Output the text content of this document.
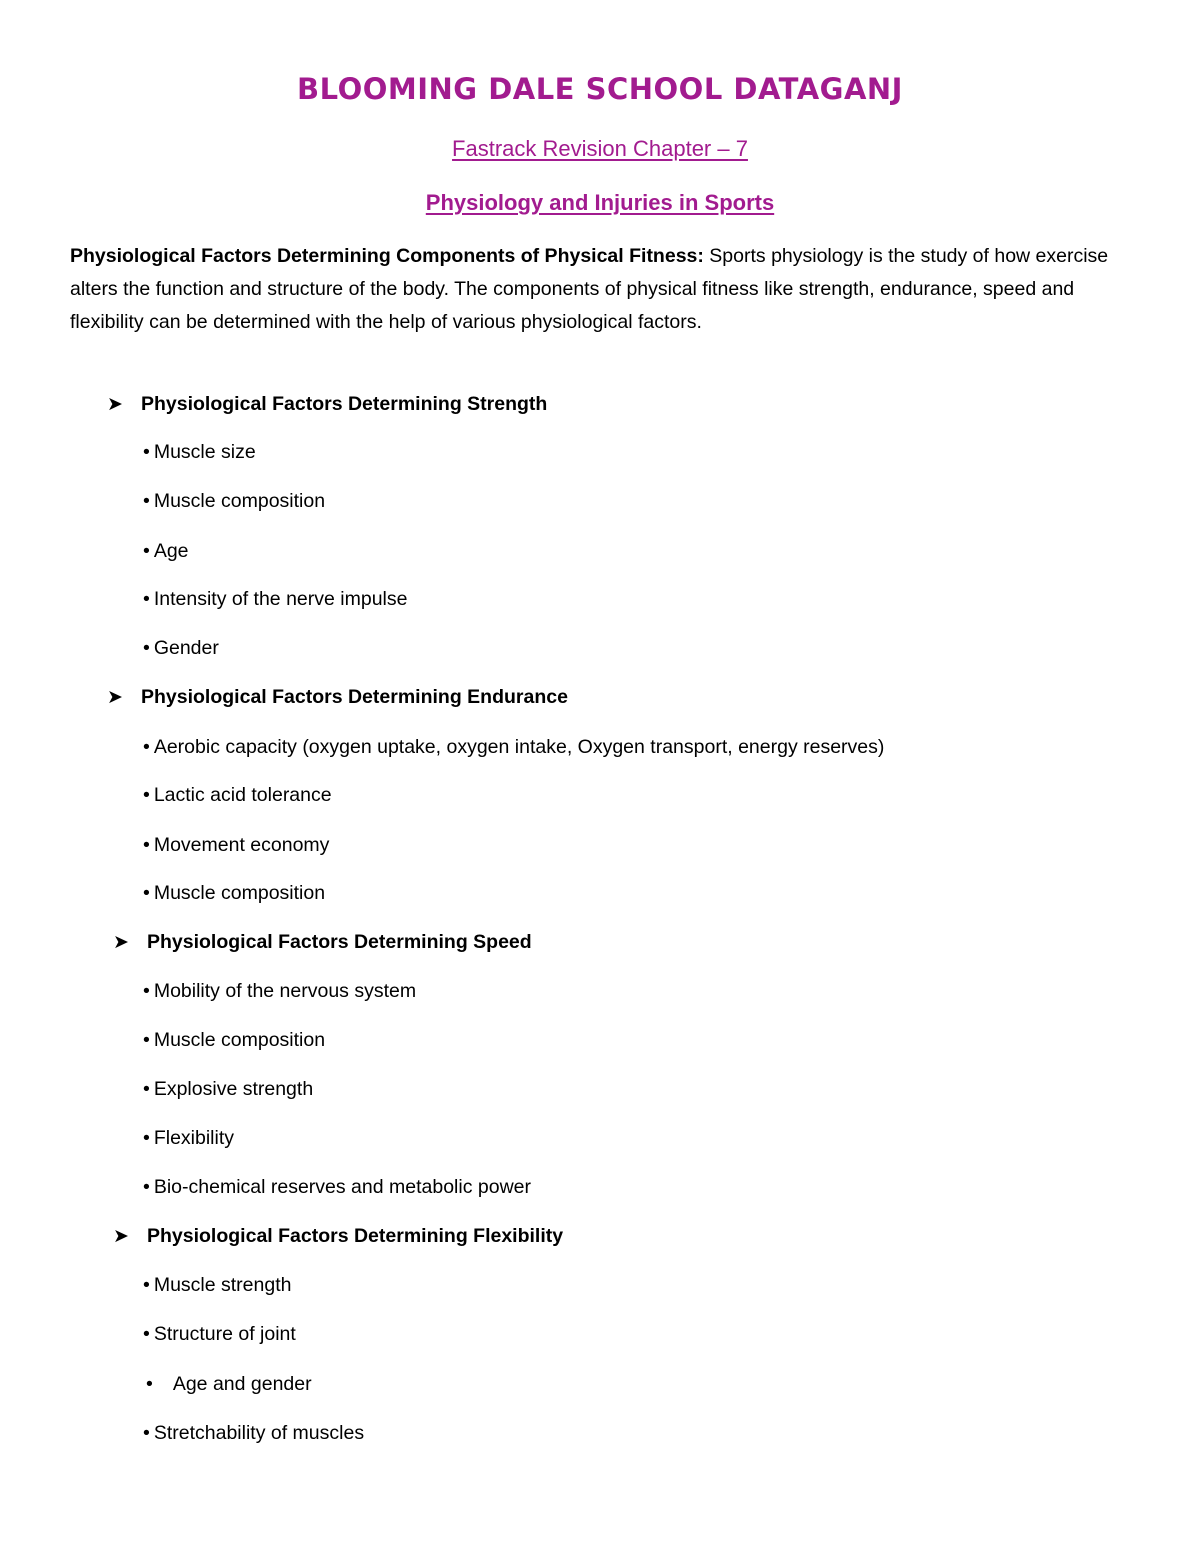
BLOOMING DALE SCHOOL DATAGANJ

Fastrack Revision Chapter – 7

Physiology and Injuries in Sports

Physiological Factors Determining Components of Physical Fitness: Sports physiology is the study of how exercise alters the function and structure of the body. The components of physical fitness like strength, endurance, speed and flexibility can be determined with the help of various physiological factors.

➤ Physiological Factors Determining Strength
• Muscle size
• Muscle composition
• Age
• Intensity of the nerve impulse
• Gender
➤ Physiological Factors Determining Endurance
• Aerobic capacity (oxygen uptake, oxygen intake, Oxygen transport, energy reserves)
• Lactic acid tolerance
• Movement economy
• Muscle composition
➤ Physiological Factors Determining Speed
• Mobility of the nervous system
• Muscle composition
• Explosive strength
• Flexibility
• Bio-chemical reserves and metabolic power
➤ Physiological Factors Determining Flexibility
• Muscle strength
• Structure of joint
• Age and gender
• Stretchability of muscles
